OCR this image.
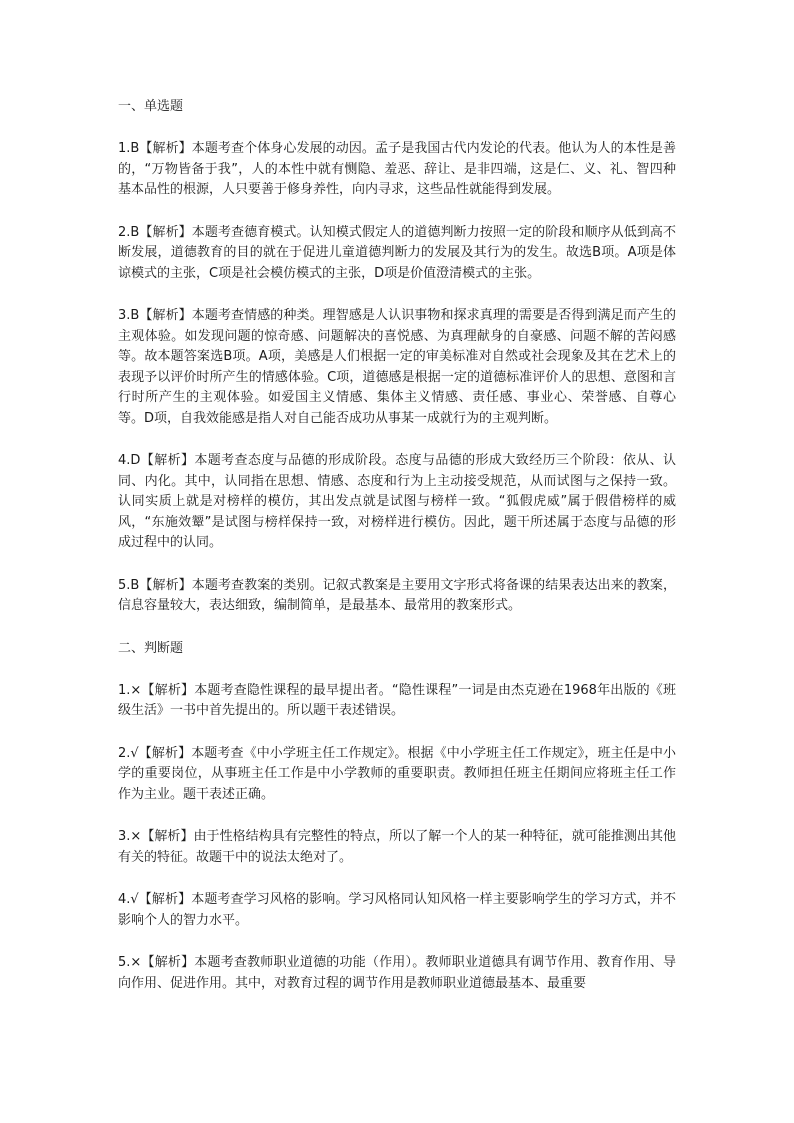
一、单选题
1.B【解析】本题考查个体身心发展的动因。孟子是我国古代内发论的代表。他认为人的本性是善的，“万物皆备于我”，人的本性中就有恻隐、羞恶、辞让、是非四端，这是仁、义、礼、智四种基本品性的根源，人只要善于修身养性，向内寻求，这些品性就能得到发展。
2.B【解析】本题考查德育模式。认知模式假定人的道德判断力按照一定的阶段和顺序从低到高不断发展，道德教育的目的就在于促进儿童道德判断力的发展及其行为的发生。故选B项。A项是体谅模式的主张，C项是社会模仿模式的主张，D项是价值澄清模式的主张。
3.B【解析】本题考查情感的种类。理智感是人认识事物和探求真理的需要是否得到满足而产生的主观体验。如发现问题的惊奇感、问题解决的喜悦感、为真理献身的自豪感、问题不解的苦闷感等。故本题答案选B项。A项，美感是人们根据一定的审美标准对自然或社会现象及其在艺术上的表现予以评价时所产生的情感体验。C项，道德感是根据一定的道德标准评价人的思想、意图和言行时所产生的主观体验。如爱国主义情感、集体主义情感、责任感、事业心、荣誉感、自尊心等。D项，自我效能感是指人对自己能否成功从事某一成就行为的主观判断。
4.D【解析】本题考查态度与品德的形成阶段。态度与品德的形成大致经历三个阶段：依从、认同、内化。其中，认同指在思想、情感、态度和行为上主动接受规范，从而试图与之保持一致。认同实质上就是对榜样的模仿，其出发点就是试图与榜样一致。“狐假虎威”属于假借榜样的威风，“东施效颦”是试图与榜样保持一致，对榜样进行模仿。因此，题干所述属于态度与品德的形成过程中的认同。
5.B【解析】本题考查教案的类别。记叙式教案是主要用文字形式将备课的结果表达出来的教案，信息容量较大，表达细致，编制简单，是最基本、最常用的教案形式。
二、判断题
1.×【解析】本题考查隐性课程的最早提出者。“隐性课程”一词是由杰克逊在1968年出版的《班级生活》一书中首先提出的。所以题干表述错误。
2.√【解析】本题考查《中小学班主任工作规定》。根据《中小学班主任工作规定》，班主任是中小学的重要岗位，从事班主任工作是中小学教师的重要职责。教师担任班主任期间应将班主任工作作为主业。题干表述正确。
3.×【解析】由于性格结构具有完整性的特点，所以了解一个人的某一种特征，就可能推测出其他有关的特征。故题干中的说法太绝对了。
4.√【解析】本题考查学习风格的影响。学习风格同认知风格一样主要影响学生的学习方式，并不影响个人的智力水平。
5.×【解析】本题考查教师职业道德的功能（作用）。教师职业道德具有调节作用、教育作用、导向作用、促进作用。其中，对教育过程的调节作用是教师职业道德最基本、最重要
